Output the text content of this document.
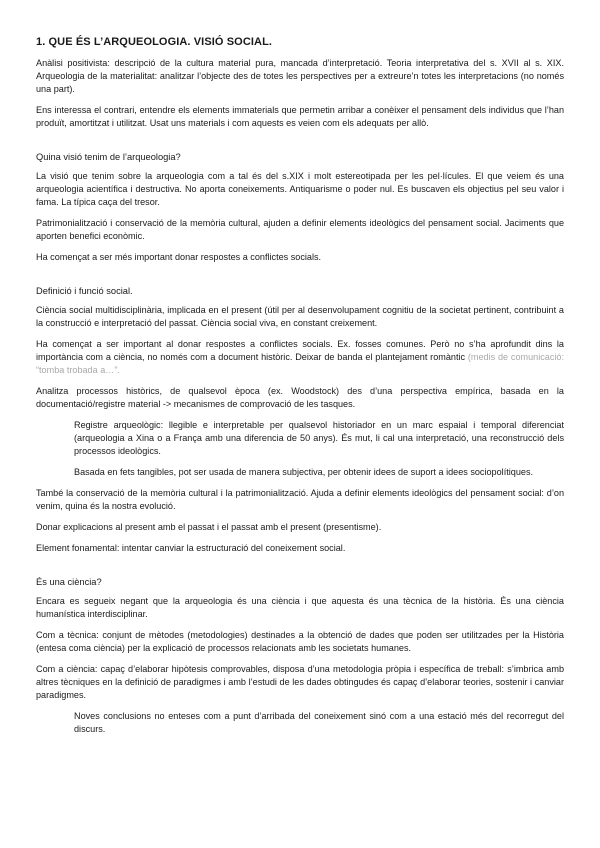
1. QUE ÉS L’ARQUEOLOGIA. VISIÓ SOCIAL.

Anàlisi positivista: descripció de la cultura material pura, mancada d’interpretació. Teoria interpretativa del s. XVII al s. XIX. Arqueologia de la materialitat: analitzar l’objecte des de totes les perspectives per a extreure’n totes les interpretacions (no només una part).

Ens interessa el contrari, entendre els elements immaterials que permetin arribar a conèixer el pensament dels individus que l’han produït, amortitzat i utilitzat. Usat uns materials i com aquests es veien com els adequats per allò.

Quina visió tenim de l’arqueologia?

La visió que tenim sobre la arqueologia com a tal és del s.XIX i molt estereotipada per les pel·lícules. El que veiem és una arqueologia acientífica i destructiva. No aporta coneixements. Antiquarisme o poder nul. Es buscaven els objectius pel seu valor i fama. La típica caça del tresor.

Patrimonialització i conservació de la memòria cultural, ajuden a definir elements ideològics del pensament social. Jaciments que aporten benefici econòmic.

Ha començat a ser més important donar respostes a conflictes socials.

Definició i funció social.

Ciència social multidisciplinària, implicada en el present (útil per al desenvolupament cognitiu de la societat pertinent, contribuint a la construcció e interpretació del passat. Ciència social viva, en constant creixement.

Ha començat a ser important al donar respostes a conflictes socials. Ex. fosses comunes. Però no s’ha aprofundit dins la importància com a ciència, no només com a document històric. Deixar de banda el plantejament romàntic (medis de comunicació: “tomba trobada a…”.

Analitza processos històrics, de qualsevol època (ex. Woodstock) des d’una perspectiva empírica, basada en la documentació/registre material -> mecanismes de comprovació de les tasques.

Registre arqueològic: llegible e interpretable per qualsevol historiador en un marc espaial i temporal diferenciat (arqueologia a Xina o a França amb una diferencia de 50 anys). És mut, li cal una interpretació, una reconstrucció dels processos ideològics.

Basada en fets tangibles, pot ser usada de manera subjectiva, per obtenir idees de suport a idees sociopolítiques.

També la conservació de la memòria cultural i la patrimonialització. Ajuda a definir elements ideològics del pensament social: d’on venim, quina és la nostra evolució.

Donar explicacions al present amb el passat i el passat amb el present (presentisme).

Element fonamental: intentar canviar la estructuració del coneixement social.

És una ciència?

Encara es segueix negant que la arqueologia és una ciència i que aquesta és una tècnica de la història. És una ciència humanística interdisciplinar.

Com a tècnica: conjunt de mètodes (metodologies) destinades a la obtenció de dades que poden ser utilitzades per la Història (entesa coma ciència) per la explicació de processos relacionats amb les societats humanes.

Com a ciència: capaç d’elaborar hipòtesis comprovables, disposa d’una metodologia pròpia i específica de treball: s’imbrica amb altres tècniques en la definició de paradigmes i amb l’estudi de les dades obtingudes és capaç d’elaborar teories, sostenir i canviar paradigmes.

Noves conclusions no enteses com a punt d’arribada del coneixement sinó com a una estació més del recorregut del discurs.
